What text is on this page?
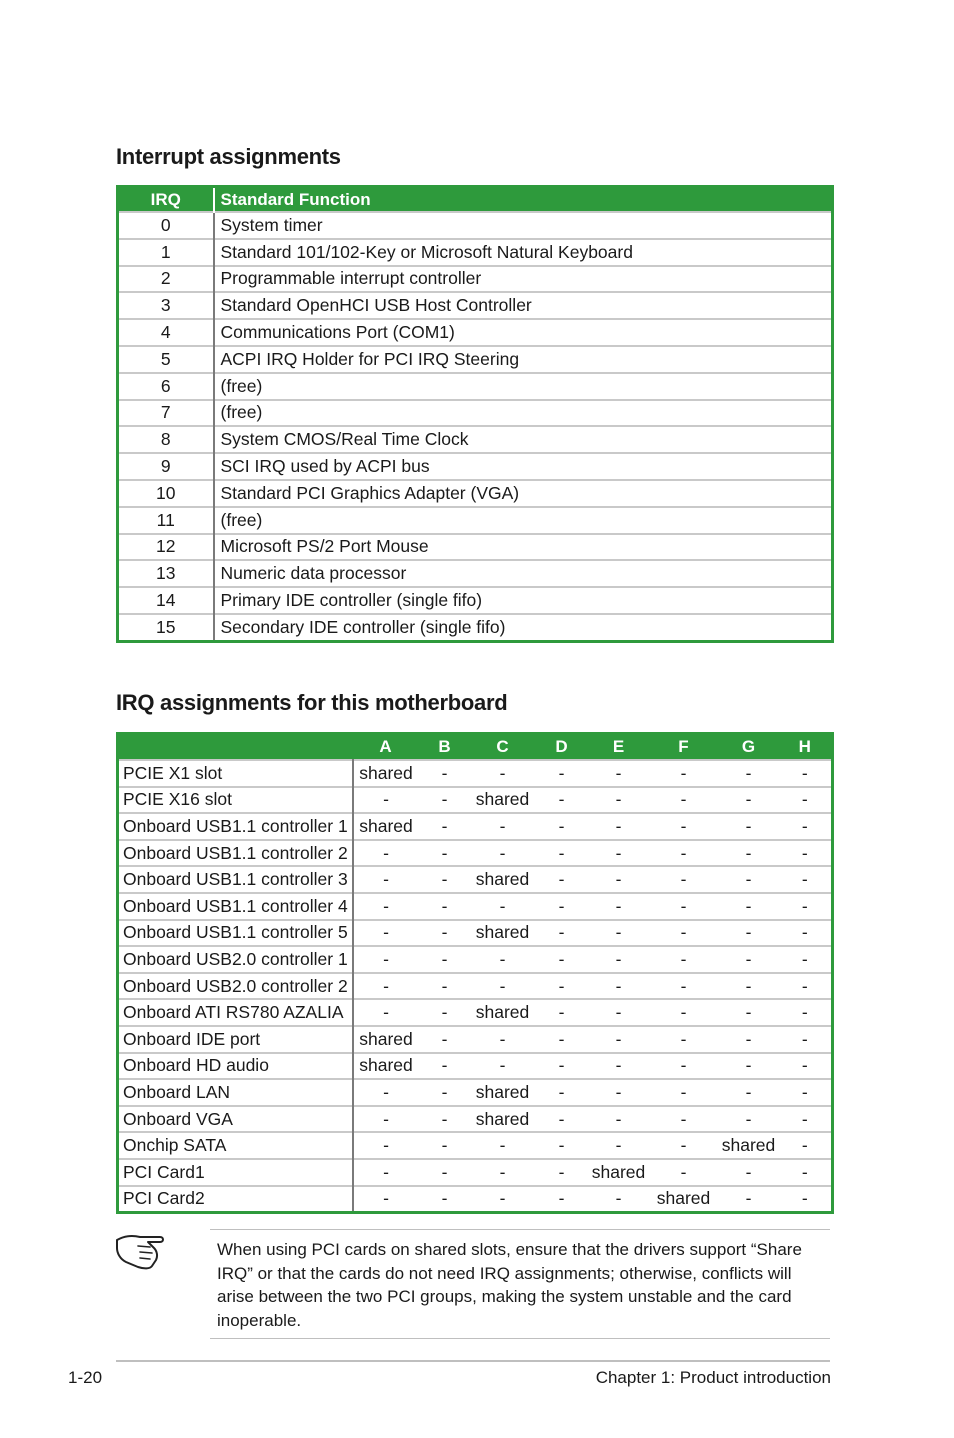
Interrupt assignments
IRQ	Standard Function
0	System timer
1	Standard 101/102-Key or Microsoft Natural Keyboard
2	Programmable interrupt controller
3	Standard OpenHCI USB Host Controller
4	Communications Port (COM1)
5	ACPI IRQ Holder for PCI IRQ Steering
6	(free)
7	(free)
8	System CMOS/Real Time Clock
9	SCI IRQ used by ACPI bus
10	Standard PCI Graphics Adapter (VGA)
11	(free)
12	Microsoft PS/2 Port Mouse
13	Numeric data processor
14	Primary IDE controller (single fifo)
15	Secondary IDE controller (single fifo)
IRQ assignments for this motherboard
	A	B	C	D	E	F	G	H
PCIE X1 slot	shared	-	-	-	-	-	-	-
PCIE X16 slot	-	-	shared	-	-	-	-	-
Onboard USB1.1 controller 1	shared	-	-	-	-	-	-	-
Onboard USB1.1 controller 2	-	-	-	-	-	-	-	-
Onboard USB1.1 controller 3	-	-	shared	-	-	-	-	-
Onboard USB1.1 controller 4	-	-	-	-	-	-	-	-
Onboard USB1.1 controller 5	-	-	shared	-	-	-	-	-
Onboard USB2.0 controller 1	-	-	-	-	-	-	-	-
Onboard USB2.0 controller 2	-	-	-	-	-	-	-	-
Onboard ATI RS780 AZALIA	-	-	shared	-	-	-	-	-
Onboard IDE port	shared	-	-	-	-	-	-	-
Onboard HD audio	shared	-	-	-	-	-	-	-
Onboard LAN	-	-	shared	-	-	-	-	-
Onboard VGA	-	-	shared	-	-	-	-	-
Onchip SATA	-	-	-	-	-	-	shared	-
PCI Card1	-	-	-	-	shared	-	-	-
PCI Card2	-	-	-	-	-	shared	-	-

When using PCI cards on shared slots, ensure that the drivers support “Share IRQ” or that the cards do not need IRQ assignments; otherwise, conflicts will arise between the two PCI groups, making the system unstable and the card inoperable.

1-20	Chapter 1: Product introduction
